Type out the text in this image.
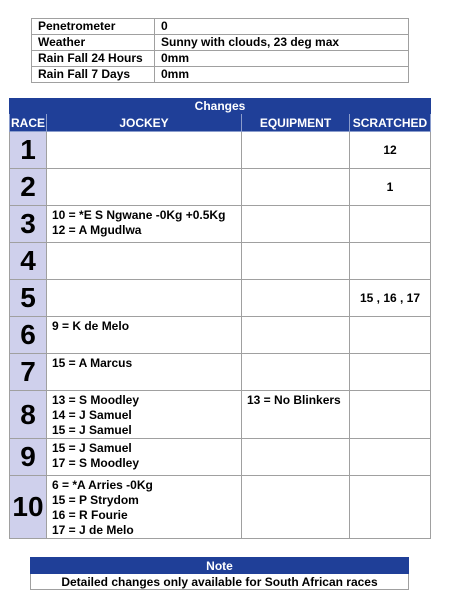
Penetrometer	0
Weather	Sunny with clouds, 23 deg max
Rain Fall 24 Hours	0mm
Rain Fall 7 Days	0mm
Changes			
RACE	JOCKEY	EQUIPMENT	SCRATCHED
1			12
2			1
3	10 = *E S Ngwane -0Kg +0.5Kg
12 = A Mgudlwa		

4			
5			15 , 16 , 17
6	9 = K de Melo		

7	15 = A Marcus		

8	13 = S Moodley
14 = J Samuel
15 = J Samuel	13 = No Blinkers	

9	15 = J Samuel
17 = S Moodley		

10	6 = *A Arries -0Kg
15 = P Strydom
16 = R Fourie
17 = J de Melo		

Note
Detailed changes only available for South African races
